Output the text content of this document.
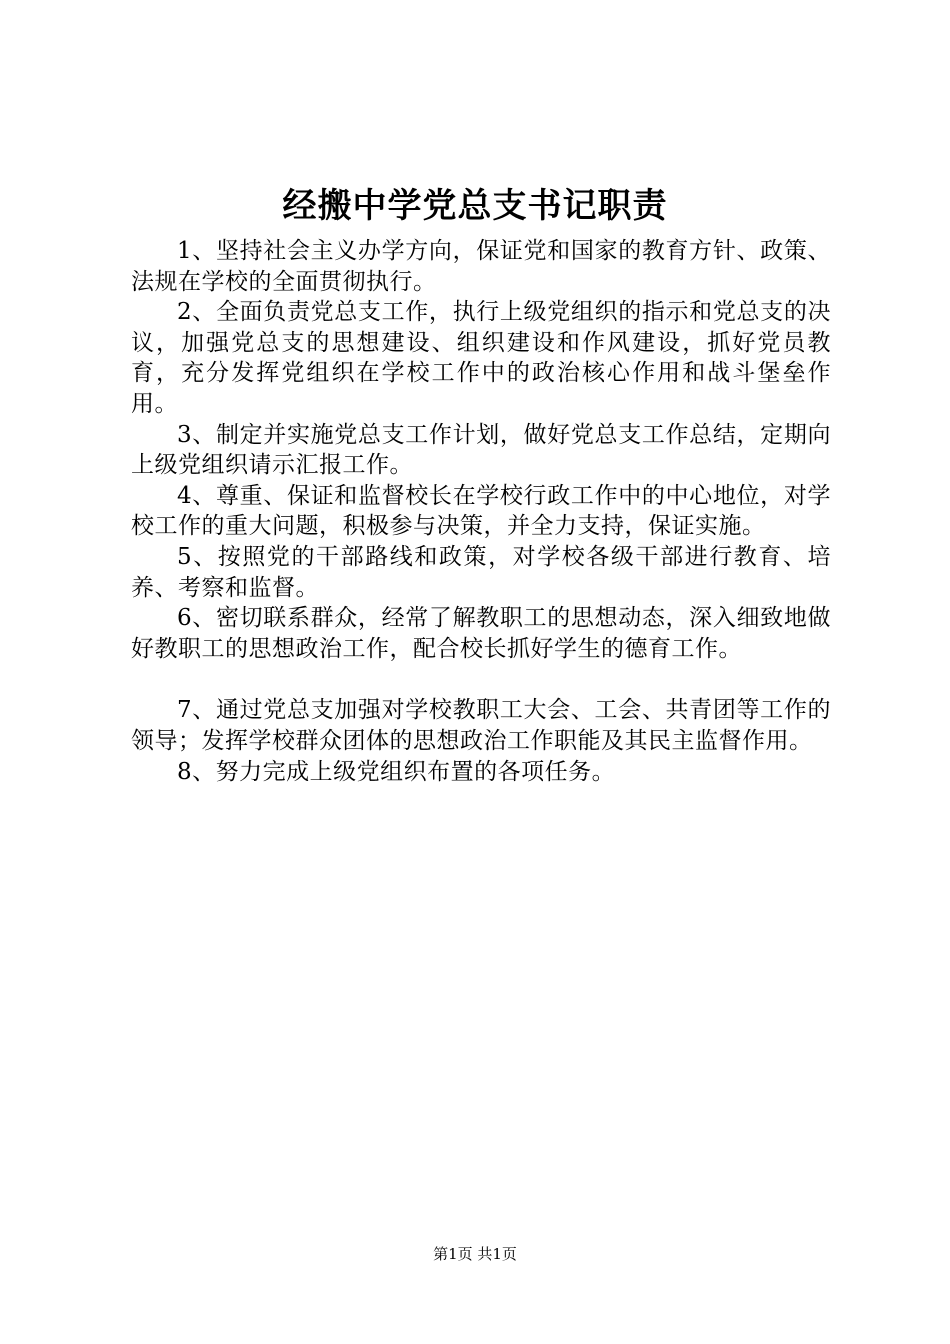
经搬中学党总支书记职责

1、坚持社会主义办学方向，保证党和国家的教育方针、政策、法规在学校的全面贯彻执行。

2、全面负责党总支工作，执行上级党组织的指示和党总支的决议，加强党总支的思想建设、组织建设和作风建设，抓好党员教育，充分发挥党组织在学校工作中的政治核心作用和战斗堡垒作用。

3、制定并实施党总支工作计划，做好党总支工作总结，定期向上级党组织请示汇报工作。

4、尊重、保证和监督校长在学校行政工作中的中心地位，对学校工作的重大问题，积极参与决策，并全力支持，保证实施。

5、按照党的干部路线和政策，对学校各级干部进行教育、培养、考察和监督。

6、密切联系群众，经常了解教职工的思想动态，深入细致地做好教职工的思想政治工作，配合校长抓好学生的德育工作。

7、通过党总支加强对学校教职工大会、工会、共青团等工作的领导；发挥学校群众团体的思想政治工作职能及其民主监督作用。

8、努力完成上级党组织布置的各项任务。

第1页 共1页
